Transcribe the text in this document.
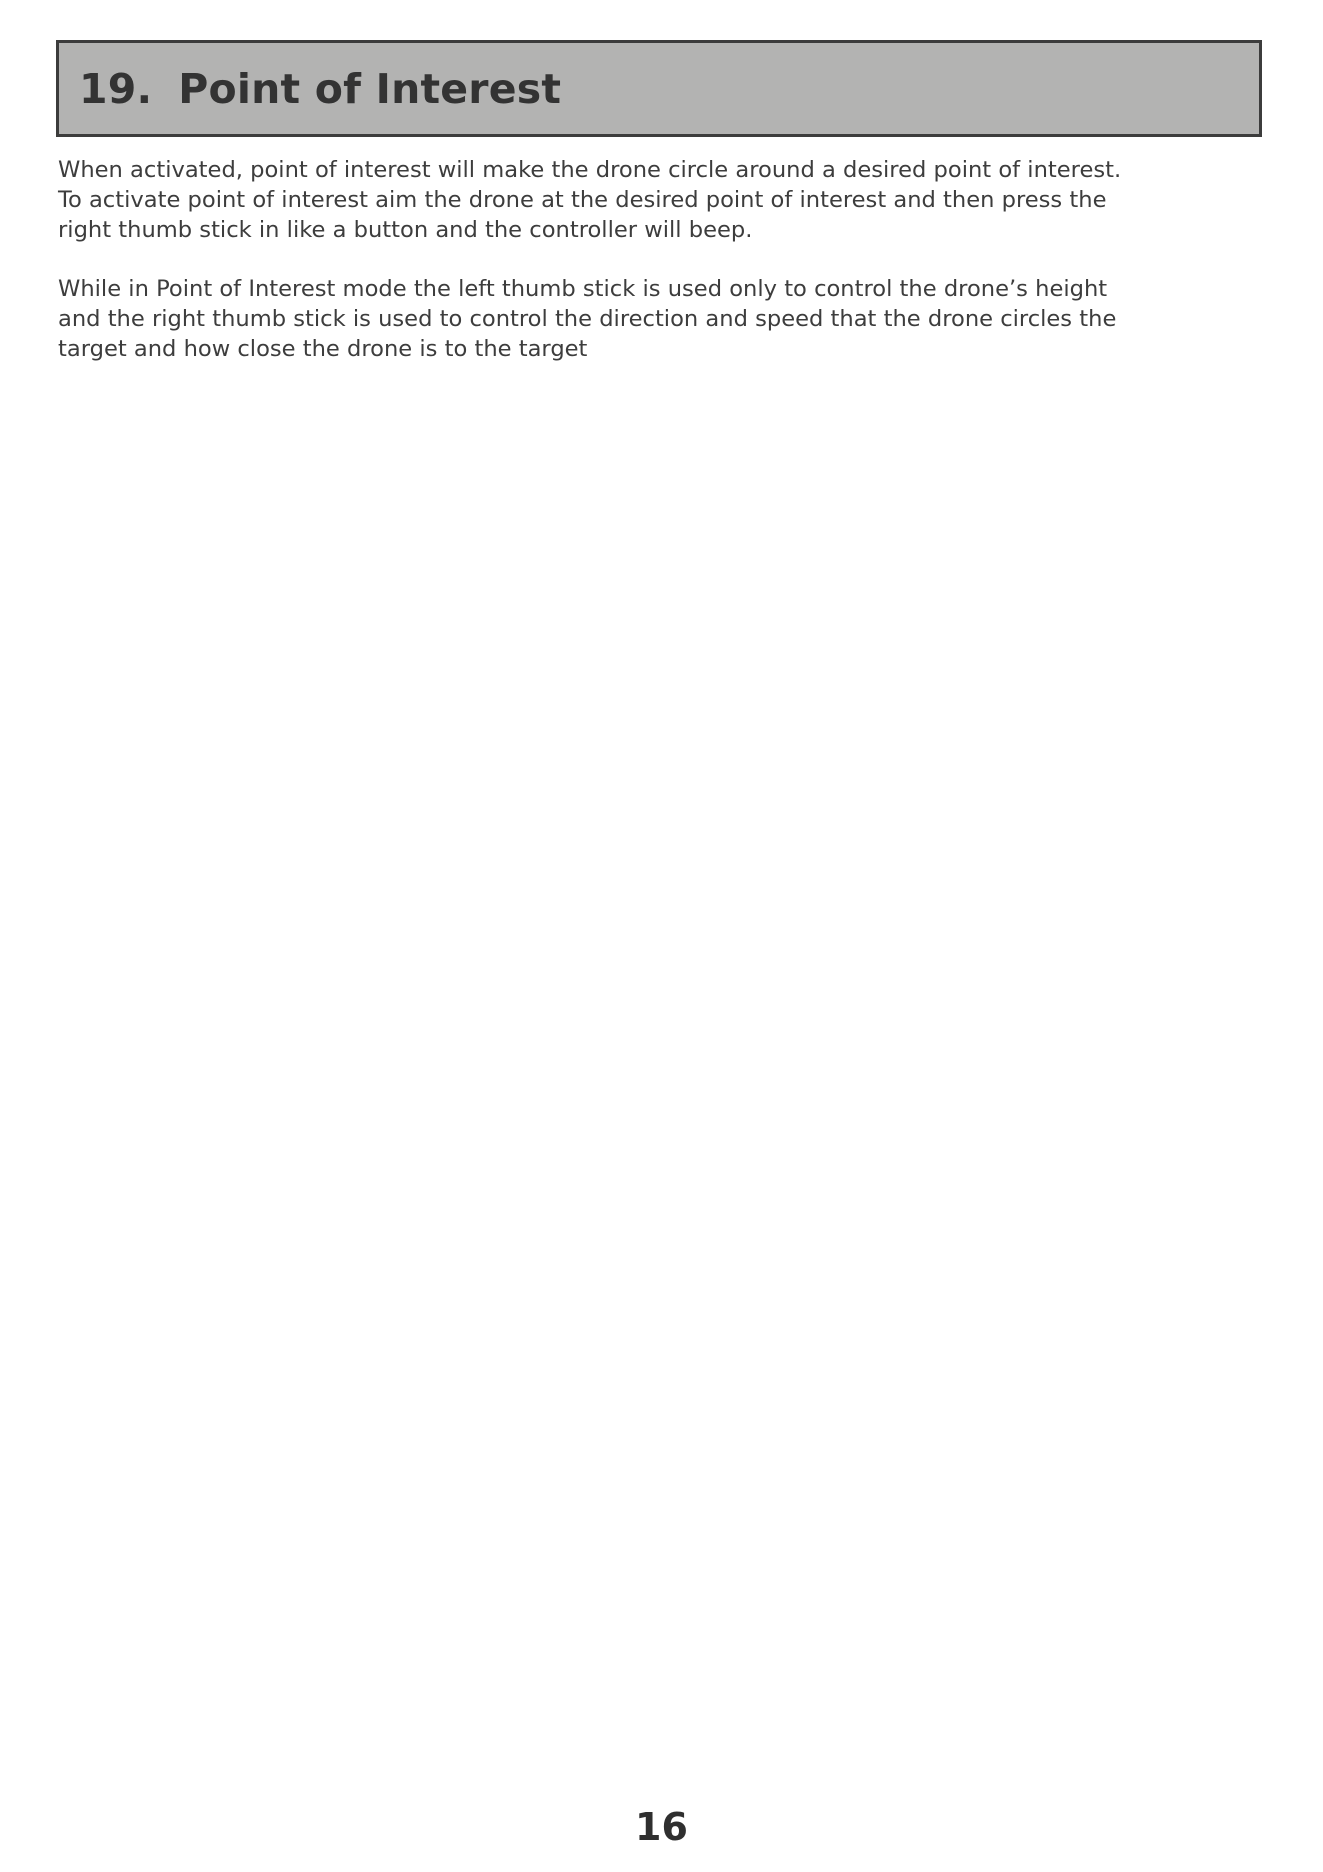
19. Point of Interest

When activated, point of interest will make the drone circle around a desired point of interest.
To activate point of interest aim the drone at the desired point of interest and then press the
right thumb stick in like a button and the controller will beep.

While in Point of Interest mode the left thumb stick is used only to control the drone’s height
and the right thumb stick is used to control the direction and speed that the drone circles the
target and how close the drone is to the target

16
